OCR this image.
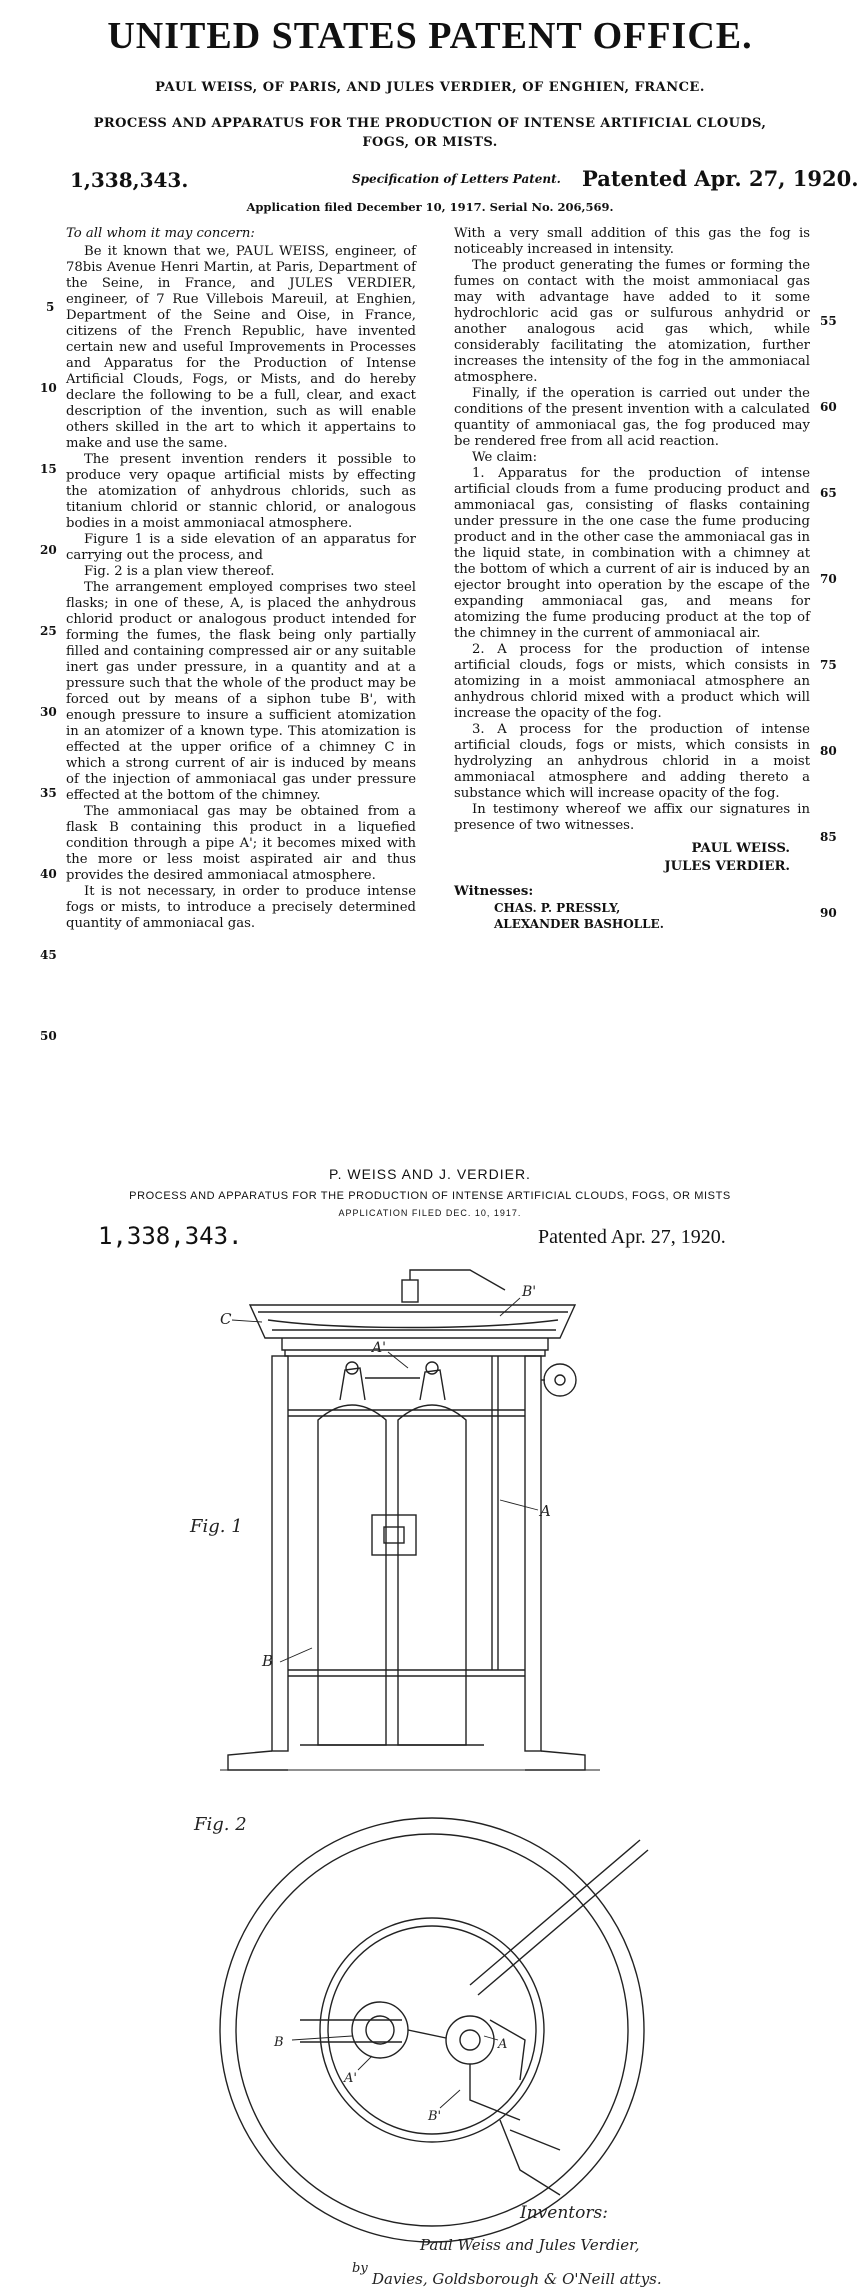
UNITED STATES PATENT OFFICE.
PAUL WEISS, OF PARIS, AND JULES VERDIER, OF ENGHIEN, FRANCE.
PROCESS AND APPARATUS FOR THE PRODUCTION OF INTENSE ARTIFICIAL CLOUDS,
FOGS, OR MISTS.
1,338,343.	Specification of Letters Patent. Patented Apr. 27, 1920.
Application filed December 10, 1917. Serial No. 206,569.

To all whom it may concern:

Be it known that we, PAUL WEISS, engineer, of 78bis Avenue Henri Martin, at Paris, Department of the Seine, in France, and JULES VERDIER, engineer, of 7 Rue Villebois Mareuil, at Enghien, Department of the Seine and Oise, in France, citizens of the French Republic, have invented certain new and useful Improvements in Processes and Apparatus for the Production of Intense Artificial Clouds, Fogs, or Mists, and do hereby declare the following to be a full, clear, and exact description of the invention, such as will enable others skilled in the art to which it appertains to make and use the same.

The present invention renders it possible to produce very opaque artificial mists by effecting the atomization of anhydrous chlorids, such as titanium chlorid or stannic chlorid, or analogous bodies in a moist ammoniacal atmosphere.

Figure 1 is a side elevation of an apparatus for carrying out the process, and

Fig. 2 is a plan view thereof.

The arrangement employed comprises two steel flasks; in one of these, A, is placed the anhydrous chlorid product or analogous product intended for forming the fumes, the flask being only partially filled and containing compressed air or any suitable inert gas under pressure, in a quantity and at a pressure such that the whole of the product may be forced out by means of a siphon tube B', with enough pressure to insure a sufficient atomization in an atomizer of a known type. This atomization is effected at the upper orifice of a chimney C in which a strong current of air is induced by means of the injection of ammoniacal gas under pressure effected at the bottom of the chimney.

The ammoniacal gas may be obtained from a flask B containing this product in a liquefied condition through a pipe A'; it becomes mixed with the more or less moist aspirated air and thus provides the desired ammoniacal atmosphere.

It is not necessary, in order to produce intense fogs or mists, to introduce a precisely determined quantity of ammoniacal gas.

5
10
15
20
25
30
35
40
45
50

With a very small addition of this gas the fog is noticeably increased in intensity.

The product generating the fumes or forming the fumes on contact with the moist ammoniacal gas may with advantage have added to it some hydrochloric acid gas or sulfurous anhydrid or another analogous acid gas which, while considerably facilitating the atomization, further increases the intensity of the fog in the ammoniacal atmosphere.

Finally, if the operation is carried out under the conditions of the present invention with a calculated quantity of ammoniacal gas, the fog produced may be rendered free from all acid reaction.

We claim:

1. Apparatus for the production of intense artificial clouds from a fume producing product and ammoniacal gas, consisting of flasks containing under pressure in the one case the fume producing product and in the other case the ammoniacal gas in the liquid state, in combination with a chimney at the bottom of which a current of air is induced by an ejector brought into operation by the escape of the expanding ammoniacal gas, and means for atomizing the fume producing product at the top of the chimney in the current of ammoniacal air.

2. A process for the production of intense artificial clouds, fogs or mists, which consists in atomizing in a moist ammoniacal atmosphere an anhydrous chlorid mixed with a product which will increase the opacity of the fog.

3. A process for the production of intense artificial clouds, fogs or mists, which consists in hydrolyzing an anhydrous chlorid in a moist ammoniacal atmosphere and adding thereto a substance which will increase opacity of the fog.

In testimony whereof we affix our signatures in presence of two witnesses.

PAUL WEISS.
JULES VERDIER.

Witnesses:

CHAS. P. PRESSLY,
ALEXANDER BASHOLLE.
55
60
65
70
75
80
85
90
P. WEISS AND J. VERDIER.
PROCESS AND APPARATUS FOR THE PRODUCTION OF INTENSE ARTIFICIAL CLOUDS, FOGS, OR MISTS
APPLICATION FILED DEC. 10, 1917.
1,338,343.	Patented Apr. 27, 1920.
Fig. 1
Fig. 2
C
B'
A'
A
B
A
B
A'
B'
Inventors:
Paul Weiss and Jules Verdier,
by
Davies, Goldsborough & O'Neill attys.
